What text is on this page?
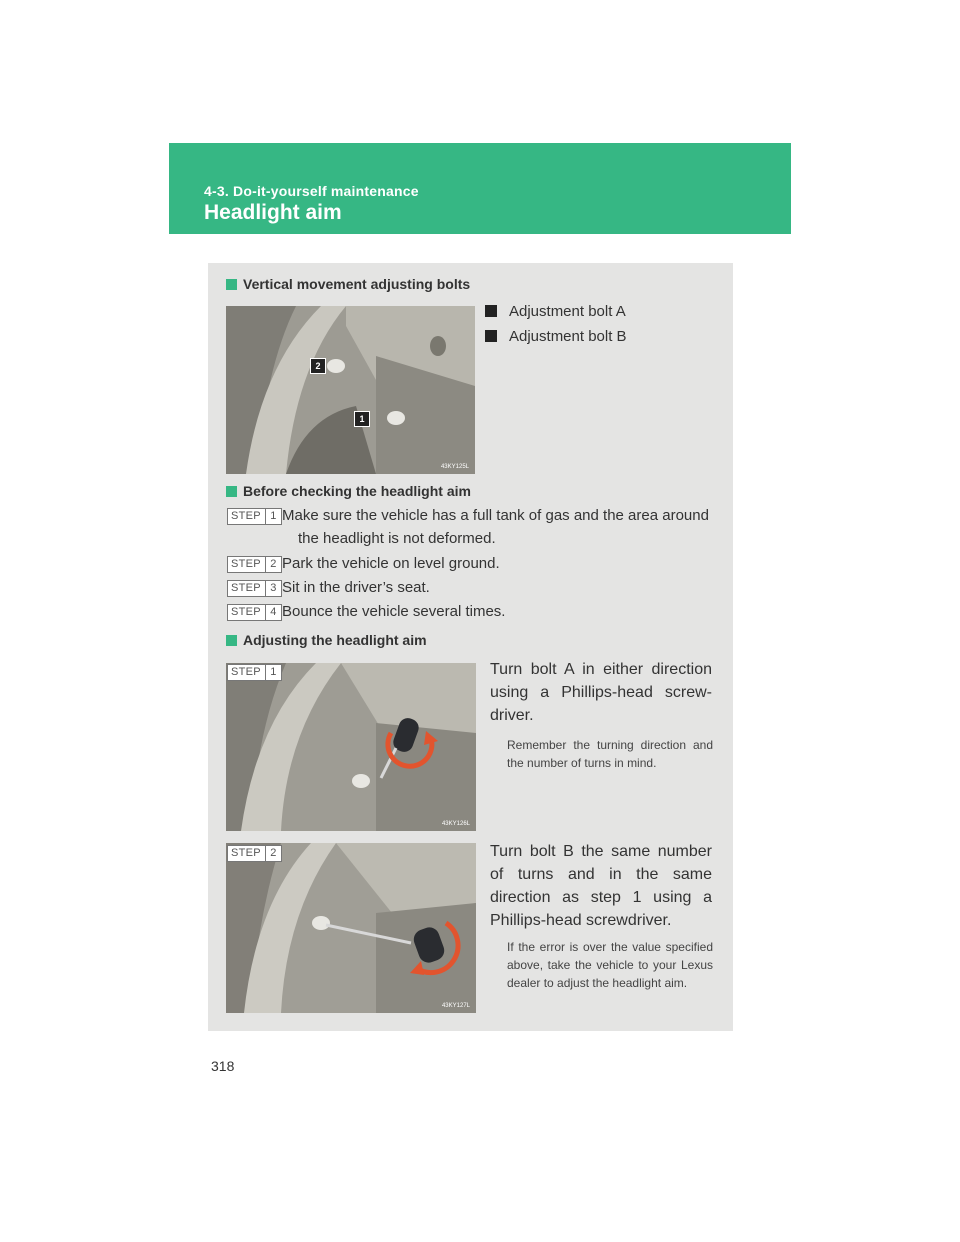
4-3. Do-it-yourself maintenance
Headlight aim
Vertical movement adjusting bolts
2
1
43KY125L
Adjustment bolt A
Adjustment bolt B
Before checking the headlight aim
STEP 1 Make sure the vehicle has a full tank of gas and the area around
the headlight is not deformed.
STEP 2 Park the vehicle on level ground.
STEP 3 Sit in the driver’s seat.
STEP 4 Bounce the vehicle several times.
Adjusting the headlight aim
43KY126L
STEP 1	Turn bolt A in either direction using a Phillips-head screw-driver.
Remember the turning direction and the number of turns in mind.
43KY127L
STEP 2	Turn bolt B the same number of turns and in the same direction as step 1 using a Phillips-head screwdriver.
If the error is over the value specified above, take the vehicle to your Lexus dealer to adjust the headlight aim.
318
